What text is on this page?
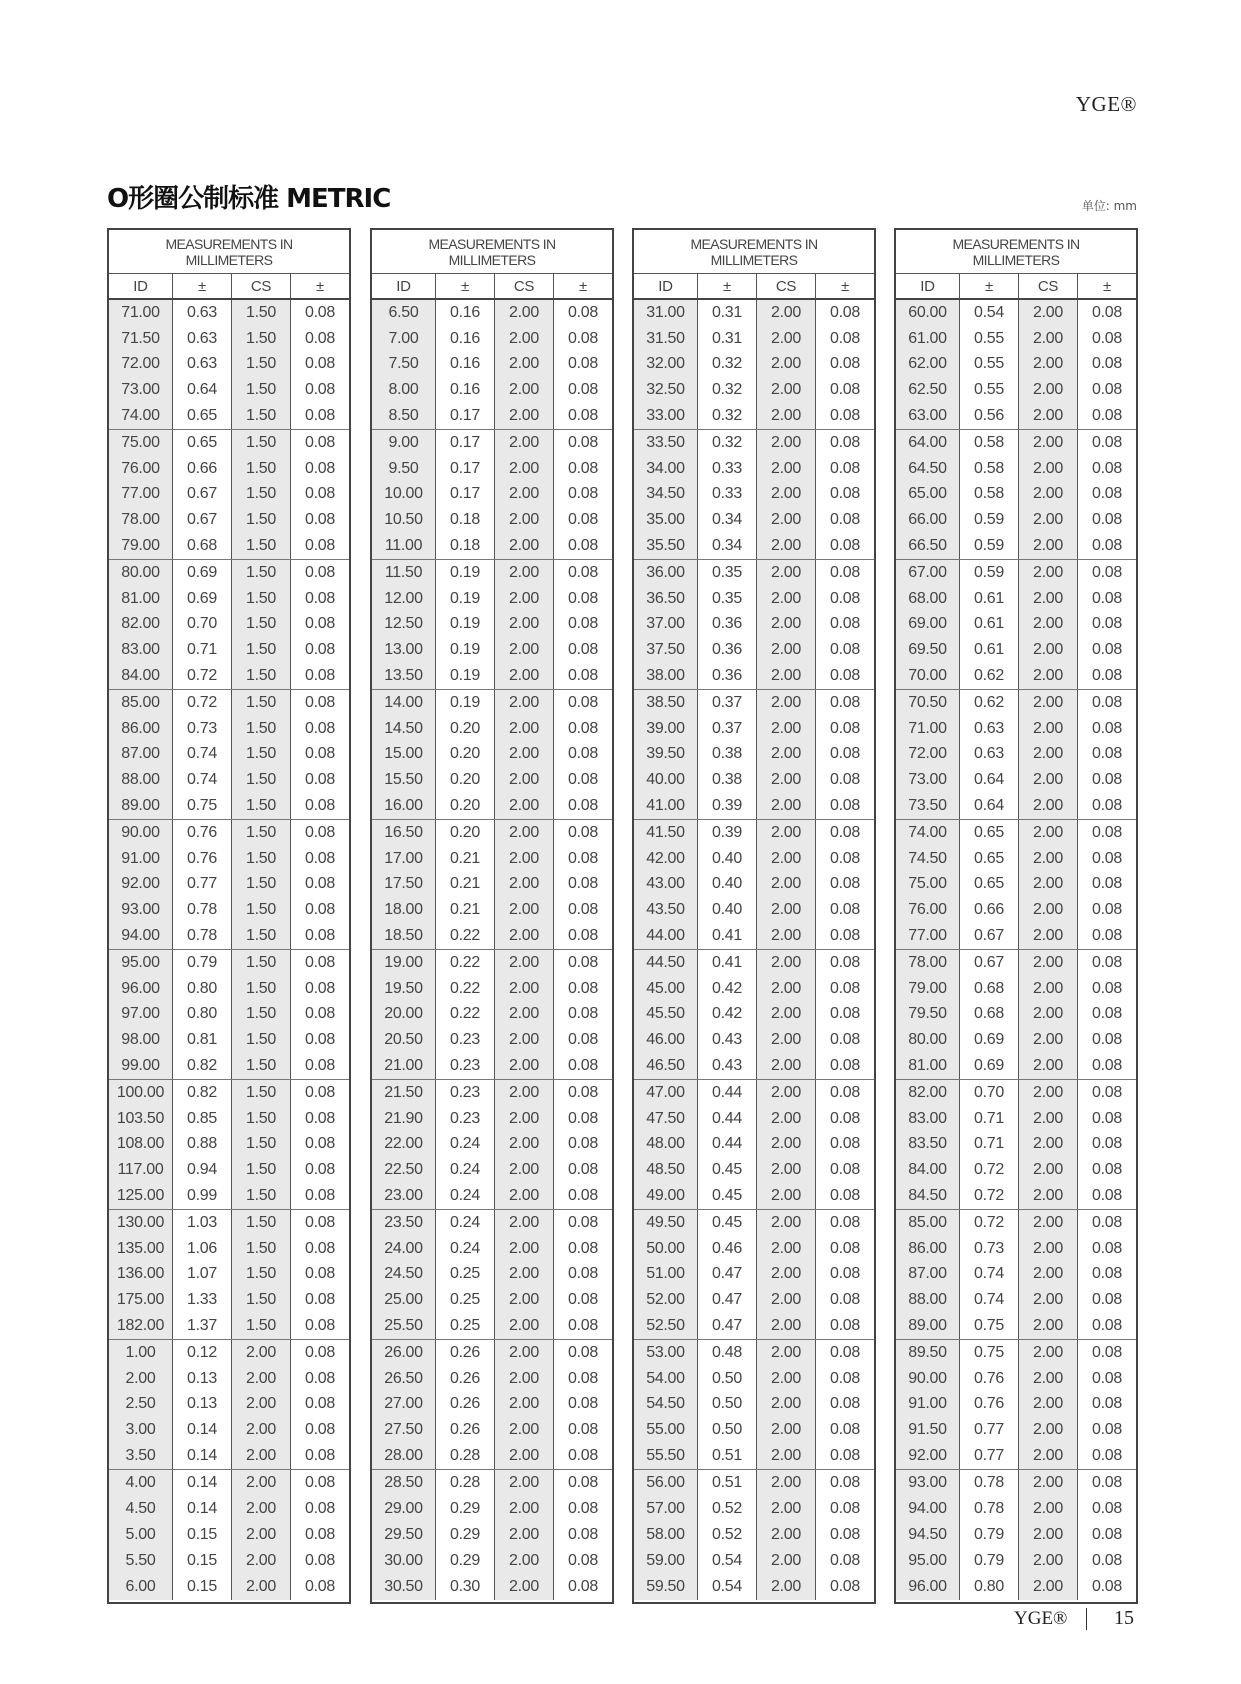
YGE®
O形圈公制标准 METRIC	单位: mm
MEASUREMENTS IN MILLIMETERS
ID	±	CS	±
71.00	0.63	1.50	0.08
71.50	0.63	1.50	0.08
72.00	0.63	1.50	0.08
73.00	0.64	1.50	0.08
74.00	0.65	1.50	0.08
75.00	0.65	1.50	0.08
76.00	0.66	1.50	0.08
77.00	0.67	1.50	0.08
78.00	0.67	1.50	0.08
79.00	0.68	1.50	0.08
80.00	0.69	1.50	0.08
81.00	0.69	1.50	0.08
82.00	0.70	1.50	0.08
83.00	0.71	1.50	0.08
84.00	0.72	1.50	0.08
85.00	0.72	1.50	0.08
86.00	0.73	1.50	0.08
87.00	0.74	1.50	0.08
88.00	0.74	1.50	0.08
89.00	0.75	1.50	0.08
90.00	0.76	1.50	0.08
91.00	0.76	1.50	0.08
92.00	0.77	1.50	0.08
93.00	0.78	1.50	0.08
94.00	0.78	1.50	0.08
95.00	0.79	1.50	0.08
96.00	0.80	1.50	0.08
97.00	0.80	1.50	0.08
98.00	0.81	1.50	0.08
99.00	0.82	1.50	0.08
100.00	0.82	1.50	0.08
103.50	0.85	1.50	0.08
108.00	0.88	1.50	0.08
117.00	0.94	1.50	0.08
125.00	0.99	1.50	0.08
130.00	1.03	1.50	0.08
135.00	1.06	1.50	0.08
136.00	1.07	1.50	0.08
175.00	1.33	1.50	0.08
182.00	1.37	1.50	0.08
1.00	0.12	2.00	0.08
2.00	0.13	2.00	0.08
2.50	0.13	2.00	0.08
3.00	0.14	2.00	0.08
3.50	0.14	2.00	0.08
4.00	0.14	2.00	0.08
4.50	0.14	2.00	0.08
5.00	0.15	2.00	0.08
5.50	0.15	2.00	0.08
6.00	0.15	2.00	0.08
MEASUREMENTS IN MILLIMETERS
ID	±	CS	±
6.50	0.16	2.00	0.08
7.00	0.16	2.00	0.08
7.50	0.16	2.00	0.08
8.00	0.16	2.00	0.08
8.50	0.17	2.00	0.08
9.00	0.17	2.00	0.08
9.50	0.17	2.00	0.08
10.00	0.17	2.00	0.08
10.50	0.18	2.00	0.08
11.00	0.18	2.00	0.08
11.50	0.19	2.00	0.08
12.00	0.19	2.00	0.08
12.50	0.19	2.00	0.08
13.00	0.19	2.00	0.08
13.50	0.19	2.00	0.08
14.00	0.19	2.00	0.08
14.50	0.20	2.00	0.08
15.00	0.20	2.00	0.08
15.50	0.20	2.00	0.08
16.00	0.20	2.00	0.08
16.50	0.20	2.00	0.08
17.00	0.21	2.00	0.08
17.50	0.21	2.00	0.08
18.00	0.21	2.00	0.08
18.50	0.22	2.00	0.08
19.00	0.22	2.00	0.08
19.50	0.22	2.00	0.08
20.00	0.22	2.00	0.08
20.50	0.23	2.00	0.08
21.00	0.23	2.00	0.08
21.50	0.23	2.00	0.08
21.90	0.23	2.00	0.08
22.00	0.24	2.00	0.08
22.50	0.24	2.00	0.08
23.00	0.24	2.00	0.08
23.50	0.24	2.00	0.08
24.00	0.24	2.00	0.08
24.50	0.25	2.00	0.08
25.00	0.25	2.00	0.08
25.50	0.25	2.00	0.08
26.00	0.26	2.00	0.08
26.50	0.26	2.00	0.08
27.00	0.26	2.00	0.08
27.50	0.26	2.00	0.08
28.00	0.28	2.00	0.08
28.50	0.28	2.00	0.08
29.00	0.29	2.00	0.08
29.50	0.29	2.00	0.08
30.00	0.29	2.00	0.08
30.50	0.30	2.00	0.08
MEASUREMENTS IN MILLIMETERS
ID	±	CS	±
31.00	0.31	2.00	0.08
31.50	0.31	2.00	0.08
32.00	0.32	2.00	0.08
32.50	0.32	2.00	0.08
33.00	0.32	2.00	0.08
33.50	0.32	2.00	0.08
34.00	0.33	2.00	0.08
34.50	0.33	2.00	0.08
35.00	0.34	2.00	0.08
35.50	0.34	2.00	0.08
36.00	0.35	2.00	0.08
36.50	0.35	2.00	0.08
37.00	0.36	2.00	0.08
37.50	0.36	2.00	0.08
38.00	0.36	2.00	0.08
38.50	0.37	2.00	0.08
39.00	0.37	2.00	0.08
39.50	0.38	2.00	0.08
40.00	0.38	2.00	0.08
41.00	0.39	2.00	0.08
41.50	0.39	2.00	0.08
42.00	0.40	2.00	0.08
43.00	0.40	2.00	0.08
43.50	0.40	2.00	0.08
44.00	0.41	2.00	0.08
44.50	0.41	2.00	0.08
45.00	0.42	2.00	0.08
45.50	0.42	2.00	0.08
46.00	0.43	2.00	0.08
46.50	0.43	2.00	0.08
47.00	0.44	2.00	0.08
47.50	0.44	2.00	0.08
48.00	0.44	2.00	0.08
48.50	0.45	2.00	0.08
49.00	0.45	2.00	0.08
49.50	0.45	2.00	0.08
50.00	0.46	2.00	0.08
51.00	0.47	2.00	0.08
52.00	0.47	2.00	0.08
52.50	0.47	2.00	0.08
53.00	0.48	2.00	0.08
54.00	0.50	2.00	0.08
54.50	0.50	2.00	0.08
55.00	0.50	2.00	0.08
55.50	0.51	2.00	0.08
56.00	0.51	2.00	0.08
57.00	0.52	2.00	0.08
58.00	0.52	2.00	0.08
59.00	0.54	2.00	0.08
59.50	0.54	2.00	0.08
MEASUREMENTS IN MILLIMETERS
ID	±	CS	±
60.00	0.54	2.00	0.08
61.00	0.55	2.00	0.08
62.00	0.55	2.00	0.08
62.50	0.55	2.00	0.08
63.00	0.56	2.00	0.08
64.00	0.58	2.00	0.08
64.50	0.58	2.00	0.08
65.00	0.58	2.00	0.08
66.00	0.59	2.00	0.08
66.50	0.59	2.00	0.08
67.00	0.59	2.00	0.08
68.00	0.61	2.00	0.08
69.00	0.61	2.00	0.08
69.50	0.61	2.00	0.08
70.00	0.62	2.00	0.08
70.50	0.62	2.00	0.08
71.00	0.63	2.00	0.08
72.00	0.63	2.00	0.08
73.00	0.64	2.00	0.08
73.50	0.64	2.00	0.08
74.00	0.65	2.00	0.08
74.50	0.65	2.00	0.08
75.00	0.65	2.00	0.08
76.00	0.66	2.00	0.08
77.00	0.67	2.00	0.08
78.00	0.67	2.00	0.08
79.00	0.68	2.00	0.08
79.50	0.68	2.00	0.08
80.00	0.69	2.00	0.08
81.00	0.69	2.00	0.08
82.00	0.70	2.00	0.08
83.00	0.71	2.00	0.08
83.50	0.71	2.00	0.08
84.00	0.72	2.00	0.08
84.50	0.72	2.00	0.08
85.00	0.72	2.00	0.08
86.00	0.73	2.00	0.08
87.00	0.74	2.00	0.08
88.00	0.74	2.00	0.08
89.00	0.75	2.00	0.08
89.50	0.75	2.00	0.08
90.00	0.76	2.00	0.08
91.00	0.76	2.00	0.08
91.50	0.77	2.00	0.08
92.00	0.77	2.00	0.08
93.00	0.78	2.00	0.08
94.00	0.78	2.00	0.08
94.50	0.79	2.00	0.08
95.00	0.79	2.00	0.08
96.00	0.80	2.00	0.08
YGE® 15
